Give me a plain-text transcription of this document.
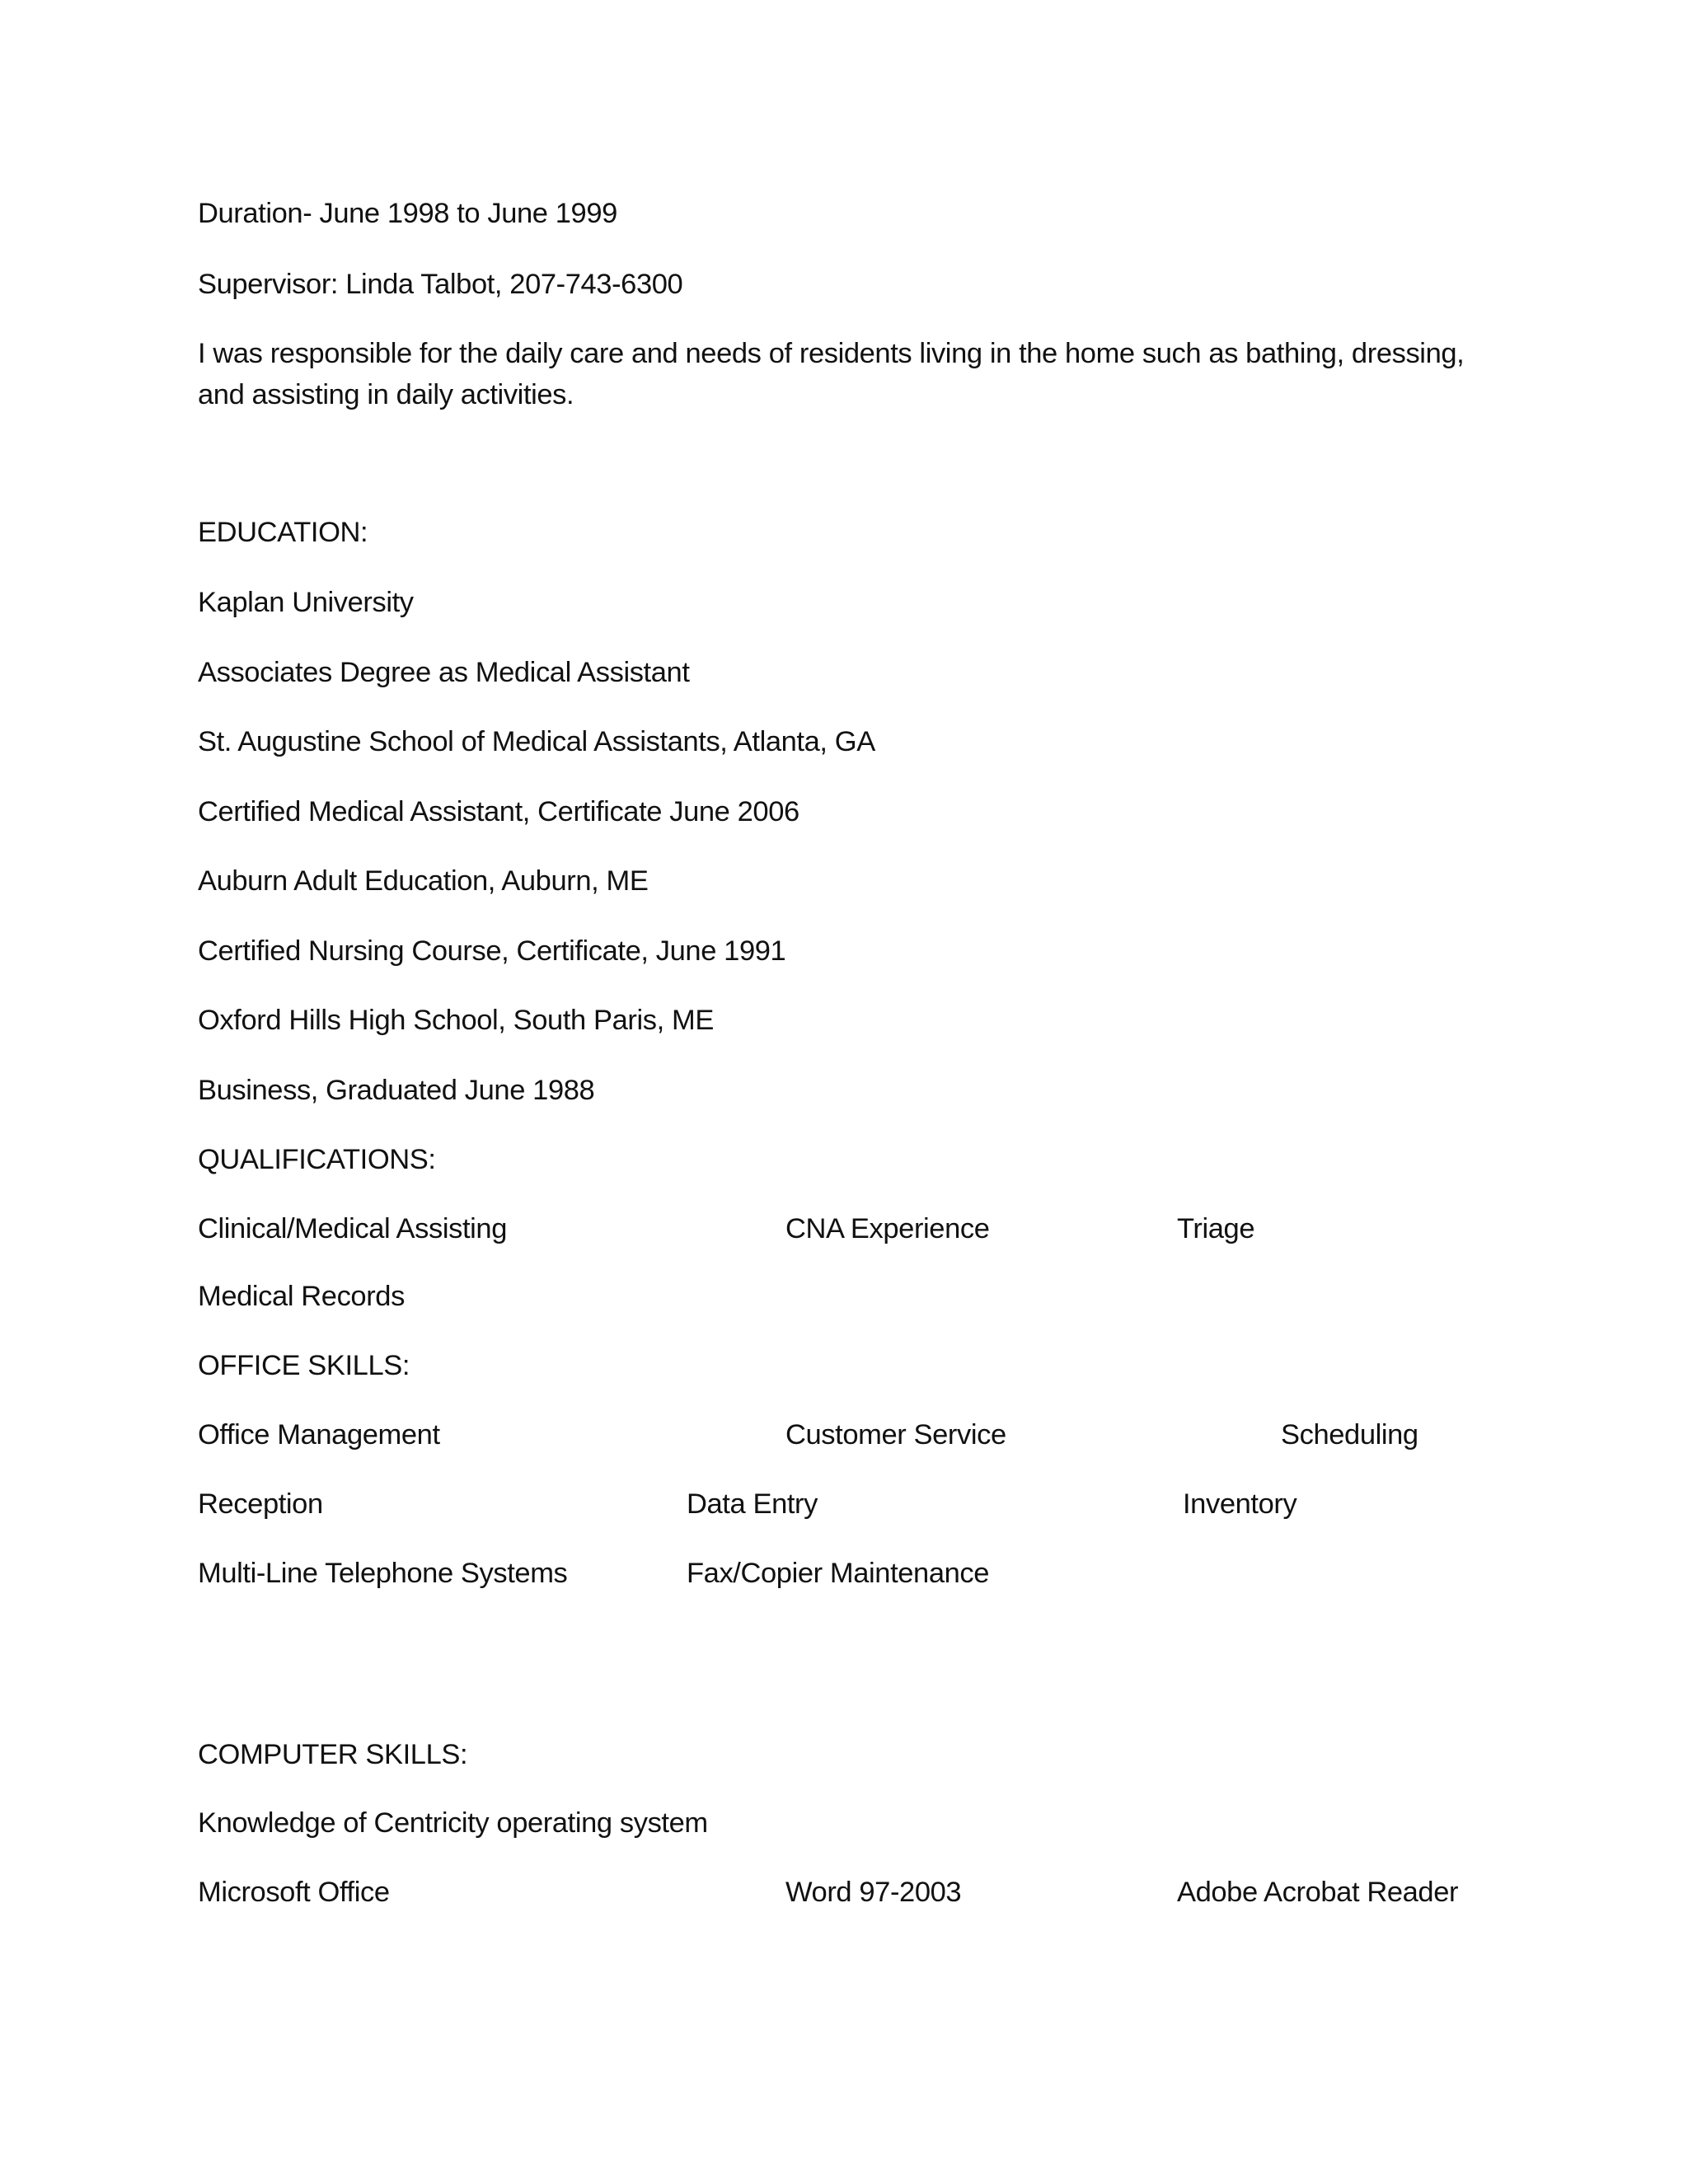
Duration- June 1998 to June 1999
Supervisor: Linda Talbot, 207-743-6300
I was responsible for the daily care and needs of residents living in the home such as bathing, dressing, and assisting in daily activities.
EDUCATION:
Kaplan University
Associates Degree as Medical Assistant
St. Augustine School of Medical Assistants, Atlanta, GA
Certified Medical Assistant, Certificate June 2006
Auburn Adult Education, Auburn, ME
Certified Nursing Course, Certificate, June 1991
Oxford Hills High School, South Paris, ME
Business, Graduated June 1988
QUALIFICATIONS:
Clinical/Medical Assisting	CNA Experience	Triage
Medical Records
OFFICE SKILLS:
Office Management	Customer Service	Scheduling
Reception	Data Entry	Inventory
Multi-Line Telephone Systems	Fax/Copier Maintenance
COMPUTER SKILLS:
Knowledge of Centricity operating system
Microsoft Office	Word 97-2003	Adobe Acrobat Reader
